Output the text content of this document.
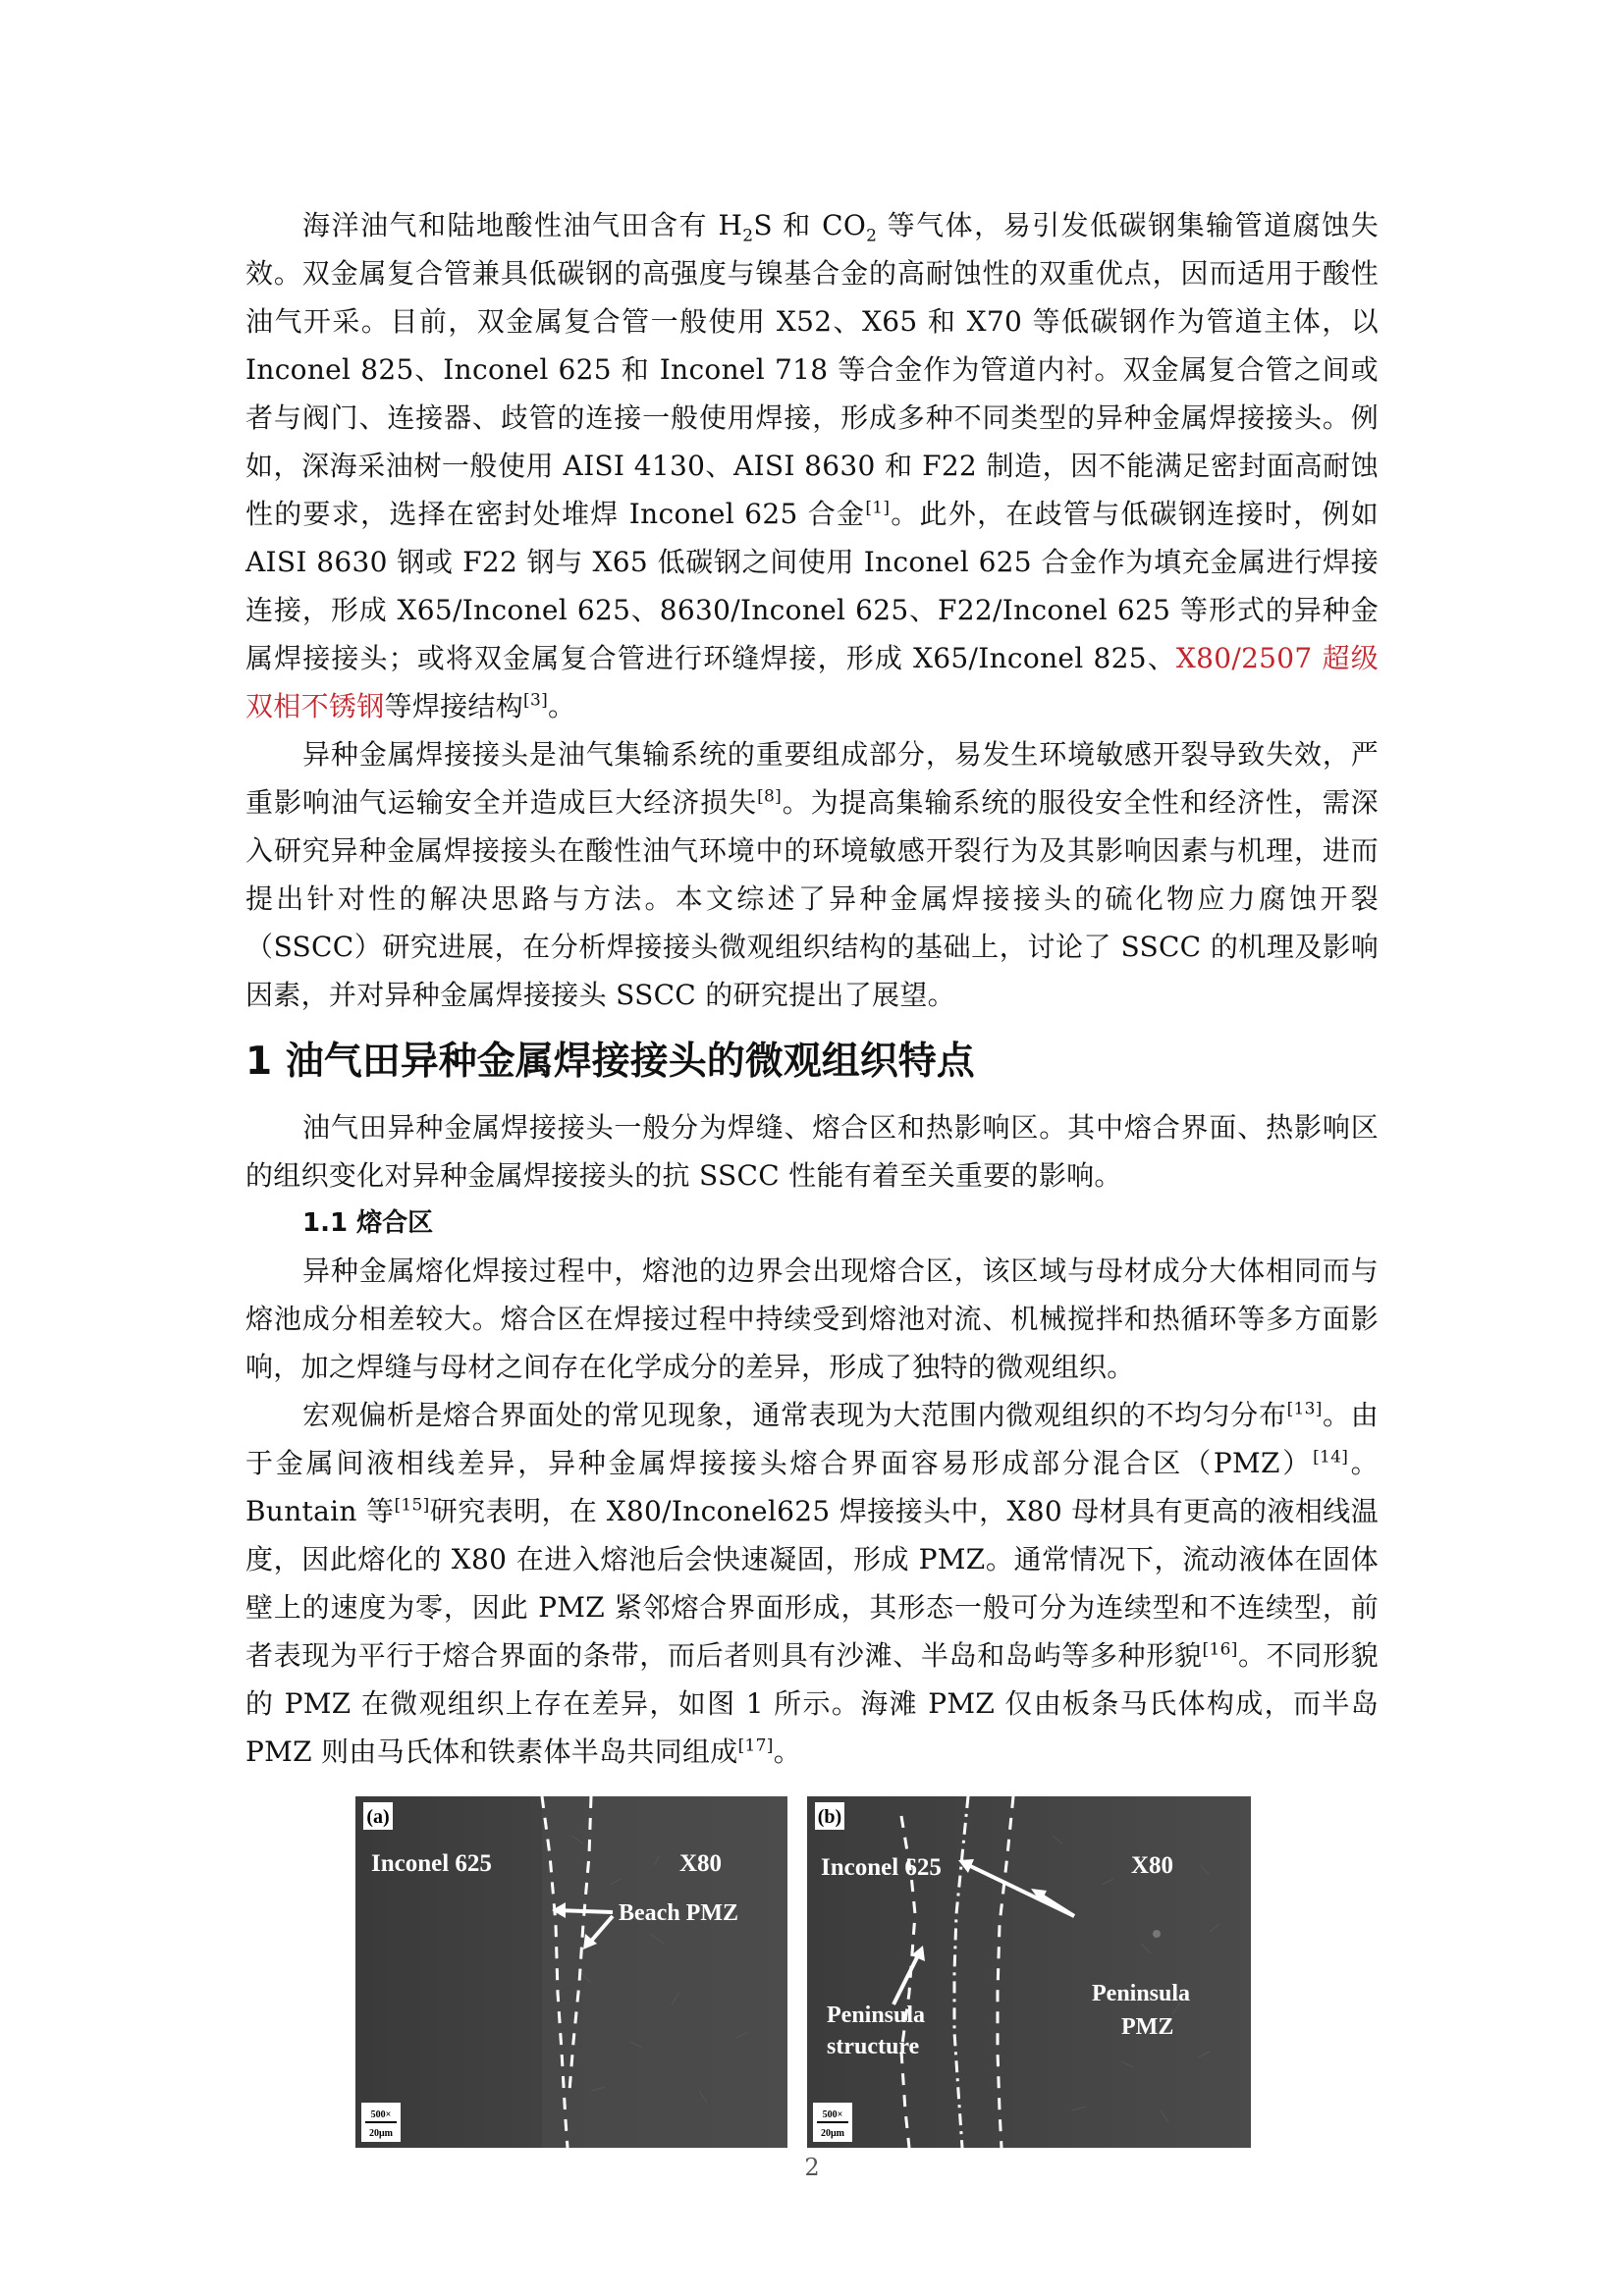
海洋油气和陆地酸性油气田含有 $H_2S$ 和 $CO_2$ 等气体，易引发低碳钢集输管道腐蚀失效。双金属复合管兼具低碳钢的高强度与镍基合金的高耐蚀性的双重优点，因而适用于酸性油气开采。目前，双金属复合管一般使用 X52、X65 和 X70 等低碳钢作为管道主体，以 Inconel 825、Inconel 625 和 Inconel 718 等合金作为管道内衬。双金属复合管之间或者与阀门、连接器、歧管的连接一般使用焊接，形成多种不同类型的异种金属焊接接头。例如，深海采油树一般使用 AISI 4130、AISI 8630 和 F22 制造，因不能满足密封面高耐蚀性的要求，选择在密封处堆焊 Inconel 625 合金[1]。此外，在歧管与低碳钢连接时，例如 AISI 8630 钢或 F22 钢与 X65 低碳钢之间使用 Inconel 625 合金作为填充金属进行焊接连接，形成 X65/Inconel 625、8630/Inconel 625、F22/Inconel 625 等形式的异种金属焊接接头；或将双金属复合管进行环缝焊接，形成 X65/Inconel 825、X80/2507 超级双相不锈钢等焊接结构[3]。

异种金属焊接接头是油气集输系统的重要组成部分，易发生环境敏感开裂导致失效，严重影响油气运输安全并造成巨大经济损失[8]。为提高集输系统的服役安全性和经济性，需深入研究异种金属焊接接头在酸性油气环境中的环境敏感开裂行为及其影响因素与机理，进而提出针对性的解决思路与方法。本文综述了异种金属焊接接头的硫化物应力腐蚀开裂（SSCC）研究进展，在分析焊接接头微观组织结构的基础上，讨论了 SSCC 的机理及影响因素，并对异种金属焊接接头 SSCC 的研究提出了展望。

1 油气田异种金属焊接接头的微观组织特点

油气田异种金属焊接接头一般分为焊缝、熔合区和热影响区。其中熔合界面、热影响区的组织变化对异种金属焊接接头的抗 SSCC 性能有着至关重要的影响。

1.1 熔合区

异种金属熔化焊接过程中，熔池的边界会出现熔合区，该区域与母材成分大体相同而与熔池成分相差较大。熔合区在焊接过程中持续受到熔池对流、机械搅拌和热循环等多方面影响，加之焊缝与母材之间存在化学成分的差异，形成了独特的微观组织。

宏观偏析是熔合界面处的常见现象，通常表现为大范围内微观组织的不均匀分布[13]。由于金属间液相线差异，异种金属焊接接头熔合界面容易形成部分混合区（PMZ）[14]。Buntain 等[15]研究表明，在 X80/Inconel625 焊接接头中，X80 母材具有更高的液相线温度，因此熔化的 X80 在进入熔池后会快速凝固，形成 PMZ。通常情况下，流动液体在固体壁上的速度为零，因此 PMZ 紧邻熔合界面形成，其形态一般可分为连续型和不连续型，前者表现为平行于熔合界面的条带，而后者则具有沙滩、半岛和岛屿等多种形貌[16]。不同形貌的 PMZ 在微观组织上存在差异，如图 1 所示。海滩 PMZ 仅由板条马氏体构成，而半岛 PMZ 则由马氏体和铁素体半岛共同组成[17]。

(a)
Inconel 625	X80
Beach PMZ
500×
20μm
(b)
Inconel 625	X80
Peninsula
structure
Peninsula
PMZ
500×
20μm
2
